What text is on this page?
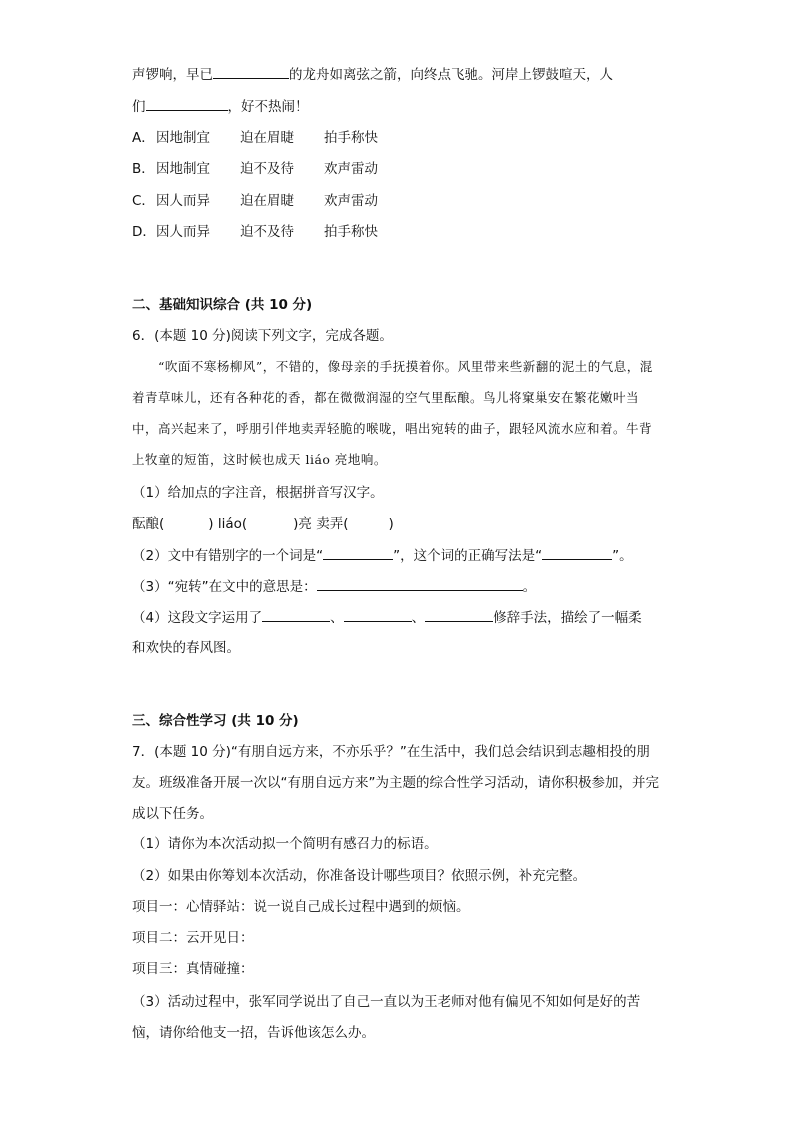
声锣响，早已	的龙舟如离弦之箭，向终点飞驰。河岸上锣鼓喧天，人
们	，好不热闹！
A．因地制宜 迫在眉睫 拍手称快
B．因地制宜 迫不及待 欢声雷动
C．因人而异 迫在眉睫 欢声雷动
D．因人而异 迫不及待 拍手称快
二、基础知识综合 (共 10 分)
6．(本题 10 分)阅读下列文字，完成各题。
“吹面不寒杨柳风”，不错的，像母亲的手抚摸着你。风里带来些新翻的泥土的气息，混着青草味儿，还有各种花的香，都在微微润湿的空气里酝酿。鸟儿将窠巢安在繁花嫩叶当中，高兴起来了，呼朋引伴地卖弄轻脆的喉咙，唱出宛转的曲子，跟轻风流水应和着。牛背上牧童的短笛，这时候也成天 liáo 亮地响。
（1）给加点的字注音，根据拼音写汉字。
酝酿(	) liáo(	)亮 卖弄(	)
（2）文中有错别字的一个词是“	”，这个词的正确写法是“	”。
（3）“宛转”在文中的意思是：	。
（4）这段文字运用了	、	、	修辞手法，描绘了一幅柔
和欢快的春风图。
三、综合性学习 (共 10 分)
7．(本题 10 分)“有朋自远方来，不亦乐乎？”在生活中，我们总会结识到志趣相投的朋友。班级准备开展一次以“有朋自远方来”为主题的综合性学习活动，请你积极参加，并完成以下任务。
（1）请你为本次活动拟一个简明有感召力的标语。
（2）如果由你筹划本次活动，你准备设计哪些项目？依照示例，补充完整。
项目一：心情驿站：说一说自己成长过程中遇到的烦恼。
项目二：云开见日：
项目三：真情碰撞：
（3）活动过程中，张军同学说出了自己一直以为王老师对他有偏见不知如何是好的苦恼，请你给他支一招，告诉他该怎么办。
